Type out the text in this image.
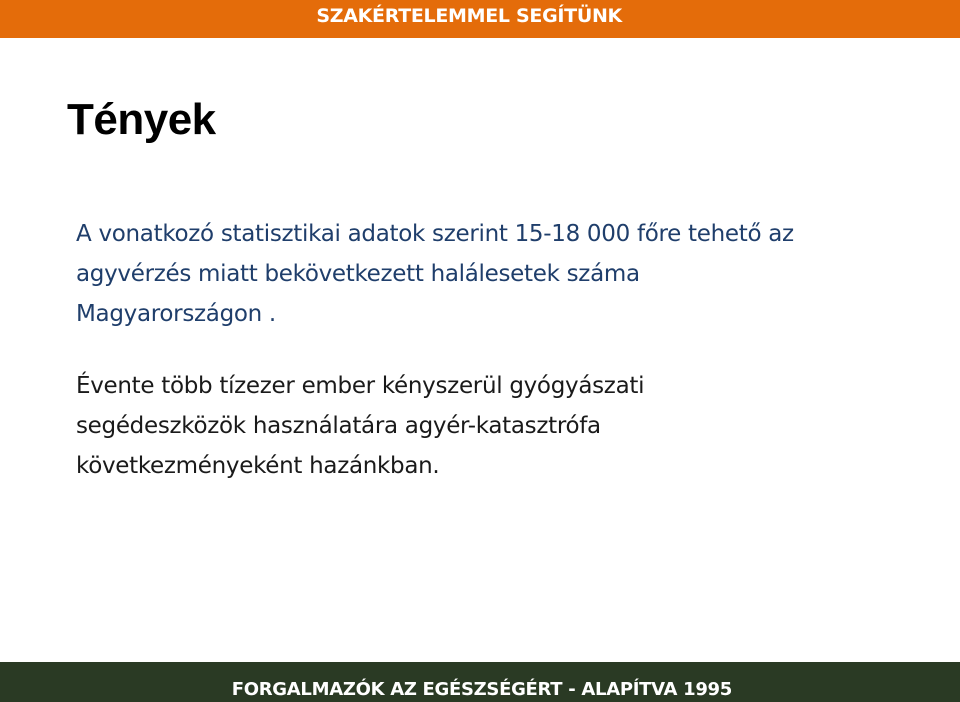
SZAKÉRTELEMMEL SEGÍTÜNK
Tények

A vonatkozó statisztikai adatok szerint 15-18 000 főre tehető az
agyvérzés miatt bekövetkezett halálesetek száma
Magyarországon .

Évente több tízezer ember kényszerül gyógyászati
segédeszközök használatára agyér-katasztrófa
következményeként hazánkban.

FORGALMAZÓK AZ EGÉSZSÉGÉRT - ALAPÍTVA 1995
